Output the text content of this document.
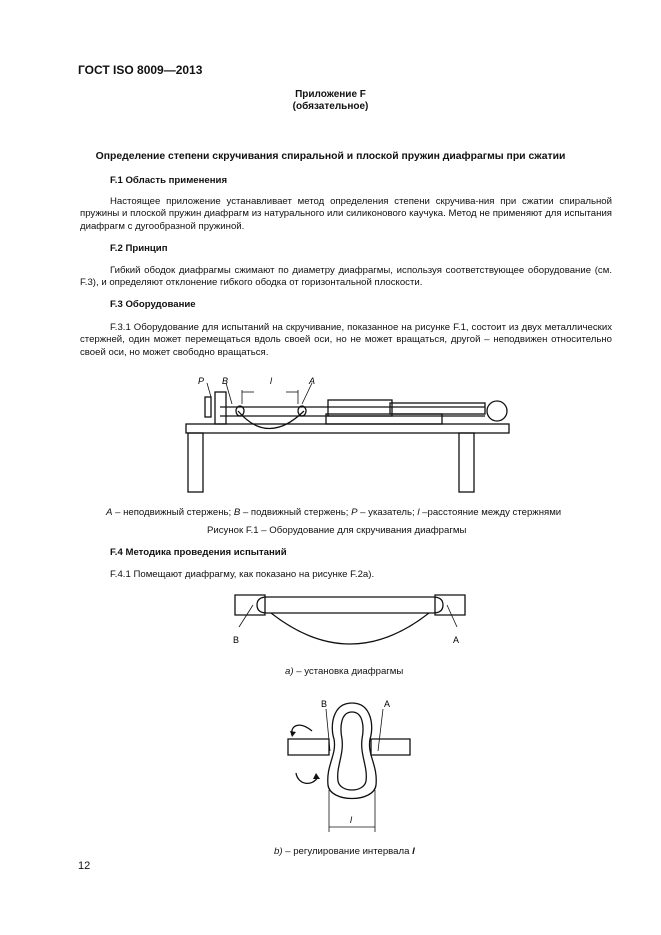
ГОСТ ISO 8009—2013
Приложение F
(обязательное)
Определение степени скручивания спиральной и плоской пружин диафрагмы при сжатии
F.1 Область применения
Настоящее приложение устанавливает метод определения степени скручива-ния при сжатии спиральной пружины и плоской пружин диафрагм из натурального или силиконового каучука. Метод не применяют для испытания диафрагм с дугообразной пружиной.
F.2 Принцип
Гибкий ободок диафрагмы сжимают по диаметру диафрагмы, используя соответствующее оборудование (см. F.3), и определяют отклонение гибкого ободка от горизонтальной плоскости.
F.3 Оборудование
F.3.1 Оборудование для испытаний на скручивание, показанное на рисунке F.1, состоит из двух металлических стержней, один может перемещаться вдоль своей оси, но не может вращаться, другой – неподвижен относительно своей оси, но может свободно вращаться.
P B	l	A
A – неподвижный стержень; B – подвижный стержень; P – указатель; l –расстояние между стержнями
Рисунок F.1 – Оборудование для скручивания диафрагмы
F.4 Методика проведения испытаний
F.4.1 Помещают диафрагму, как показано на рисунке F.2а).
B	A
а) – установка диафрагмы
B	A
l
b) – регулирование интервала l
12
